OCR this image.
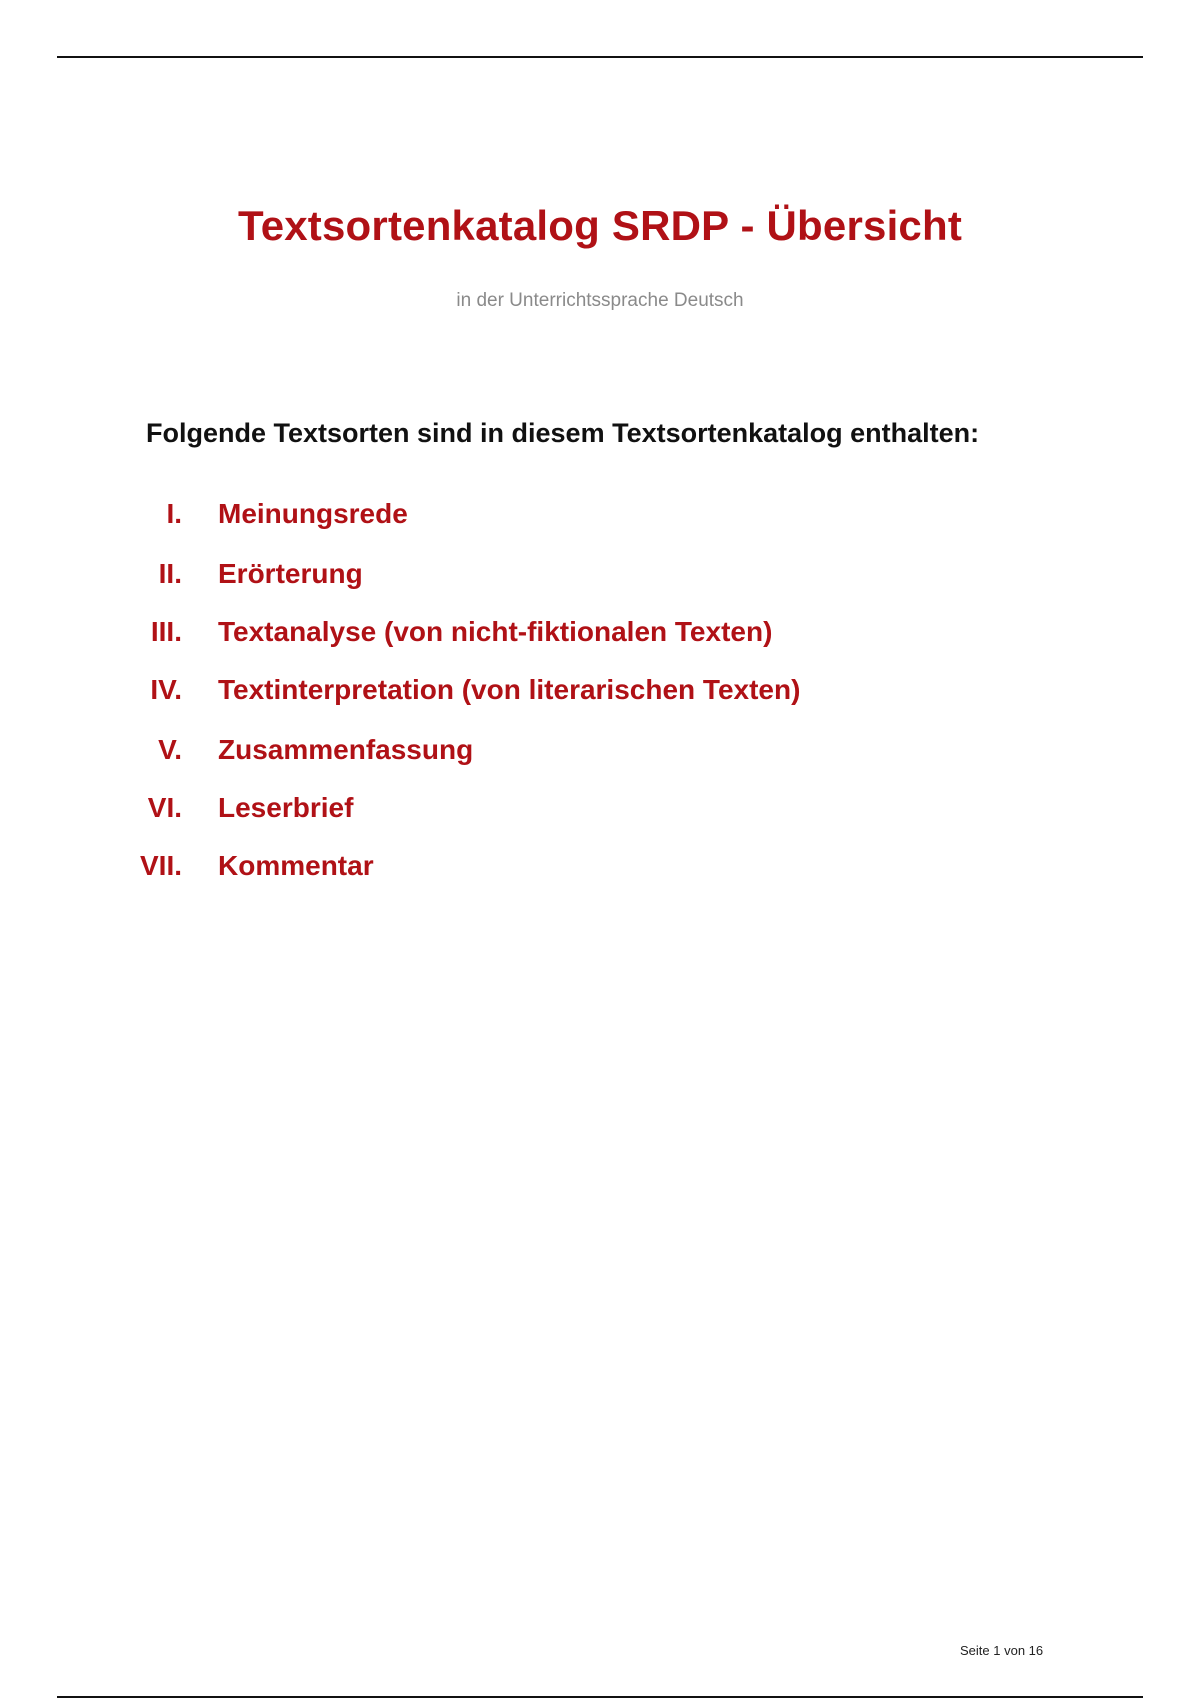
Textsortenkatalog SRDP - Übersicht
in der Unterrichtssprache Deutsch
Folgende Textsorten sind in diesem Textsortenkatalog enthalten:
I. Meinungsrede
II. Erörterung
III. Textanalyse (von nicht-fiktionalen Texten)
IV. Textinterpretation (von literarischen Texten)
V. Zusammenfassung
VI. Leserbrief
VII. Kommentar
Seite 1 von 16
